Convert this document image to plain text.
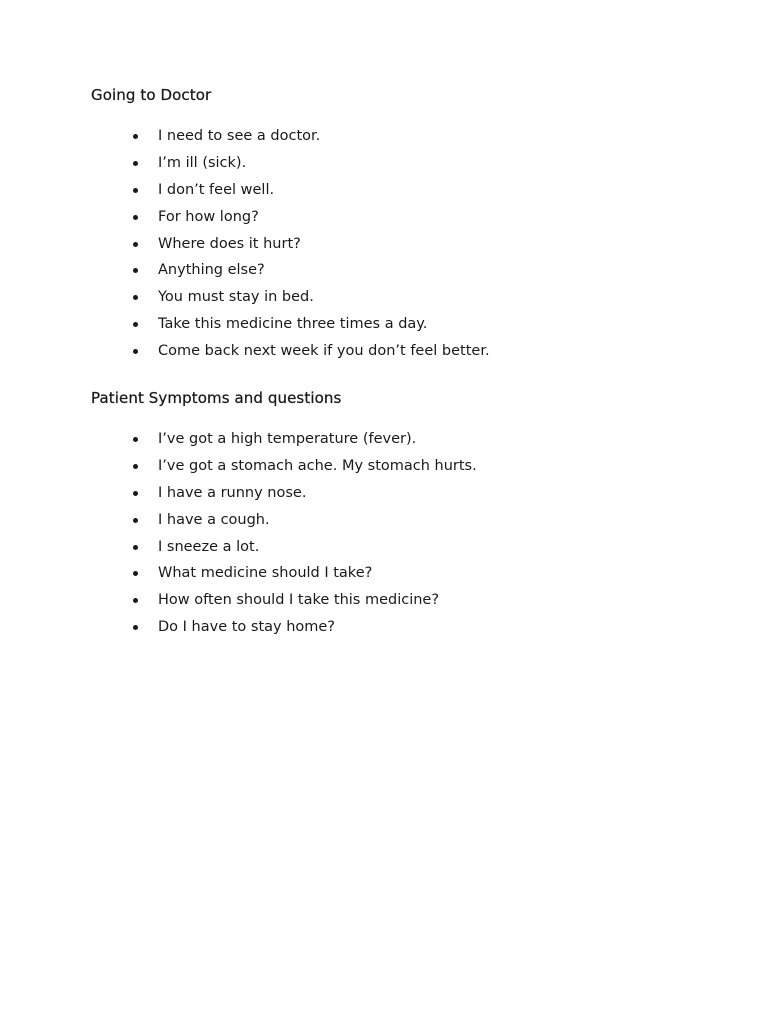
Going to Doctor
I need to see a doctor.
I’m ill (sick).
I don’t feel well.
For how long?
Where does it hurt?
Anything else?
You must stay in bed.
Take this medicine three times a day.
Come back next week if you don’t feel better.
Patient Symptoms and questions
I’ve got a high temperature (fever).
I’ve got a stomach ache. My stomach hurts.
I have a runny nose.
I have a cough.
I sneeze a lot.
What medicine should I take?
How often should I take this medicine?
Do I have to stay home?
